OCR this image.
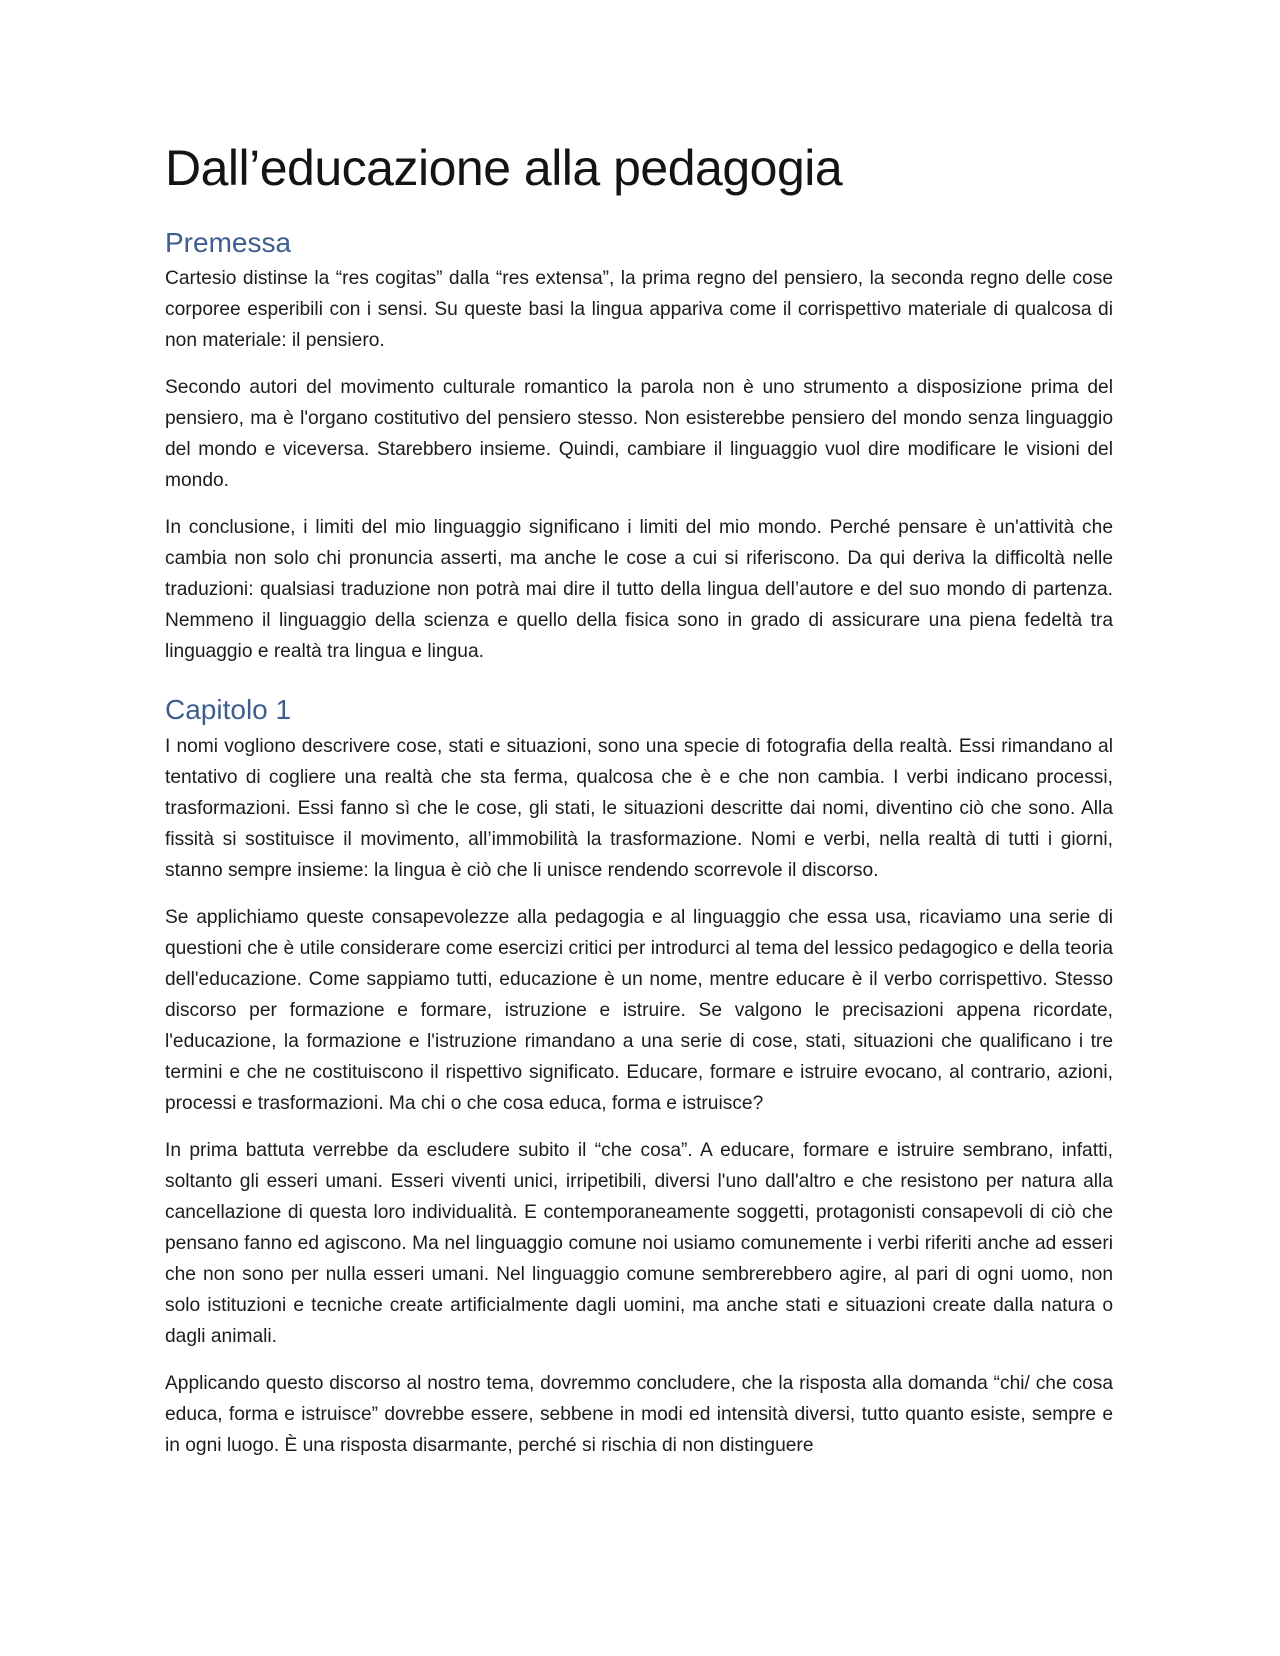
Dall’educazione alla pedagogia
Premessa

Cartesio distinse la “res cogitas” dalla “res extensa”, la prima regno del pensiero, la seconda regno delle cose corporee esperibili con i sensi. Su queste basi la lingua appariva come il corrispettivo materiale di qualcosa di non materiale: il pensiero.

Secondo autori del movimento culturale romantico la parola non è uno strumento a disposizione prima del pensiero, ma è l'organo costitutivo del pensiero stesso. Non esisterebbe pensiero del mondo senza linguaggio del mondo e viceversa. Starebbero insieme. Quindi, cambiare il linguaggio vuol dire modificare le visioni del mondo.

In conclusione, i limiti del mio linguaggio significano i limiti del mio mondo. Perché pensare è un'attività che cambia non solo chi pronuncia asserti, ma anche le cose a cui si riferiscono. Da qui deriva la difficoltà nelle traduzioni: qualsiasi traduzione non potrà mai dire il tutto della lingua dell’autore e del suo mondo di partenza. Nemmeno il linguaggio della scienza e quello della fisica sono in grado di assicurare una piena fedeltà tra linguaggio e realtà tra lingua e lingua.

Capitolo 1

I nomi vogliono descrivere cose, stati e situazioni, sono una specie di fotografia della realtà. Essi rimandano al tentativo di cogliere una realtà che sta ferma, qualcosa che è e che non cambia. I verbi indicano processi, trasformazioni. Essi fanno sì che le cose, gli stati, le situazioni descritte dai nomi, diventino ciò che sono. Alla fissità si sostituisce il movimento, all’immobilità la trasformazione. Nomi e verbi, nella realtà di tutti i giorni, stanno sempre insieme: la lingua è ciò che li unisce rendendo scorrevole il discorso.

Se applichiamo queste consapevolezze alla pedagogia e al linguaggio che essa usa, ricaviamo una serie di questioni che è utile considerare come esercizi critici per introdurci al tema del lessico pedagogico e della teoria dell'educazione. Come sappiamo tutti, educazione è un nome, mentre educare è il verbo corrispettivo. Stesso discorso per formazione e formare, istruzione e istruire. Se valgono le precisazioni appena ricordate, l'educazione, la formazione e l'istruzione rimandano a una serie di cose, stati, situazioni che qualificano i tre termini e che ne costituiscono il rispettivo significato. Educare, formare e istruire evocano, al contrario, azioni, processi e trasformazioni. Ma chi o che cosa educa, forma e istruisce?

In prima battuta verrebbe da escludere subito il “che cosa”. A educare, formare e istruire sembrano, infatti, soltanto gli esseri umani. Esseri viventi unici, irripetibili, diversi l'uno dall'altro e che resistono per natura alla cancellazione di questa loro individualità. E contemporaneamente soggetti, protagonisti consapevoli di ciò che pensano fanno ed agiscono. Ma nel linguaggio comune noi usiamo comunemente i verbi riferiti anche ad esseri che non sono per nulla esseri umani. Nel linguaggio comune sembrerebbero agire, al pari di ogni uomo, non solo istituzioni e tecniche create artificialmente dagli uomini, ma anche stati e situazioni create dalla natura o dagli animali.

Applicando questo discorso al nostro tema, dovremmo concludere, che la risposta alla domanda “chi/ che cosa educa, forma e istruisce” dovrebbe essere, sebbene in modi ed intensità diversi, tutto quanto esiste, sempre e in ogni luogo. È una risposta disarmante, perché si rischia di non distinguere
